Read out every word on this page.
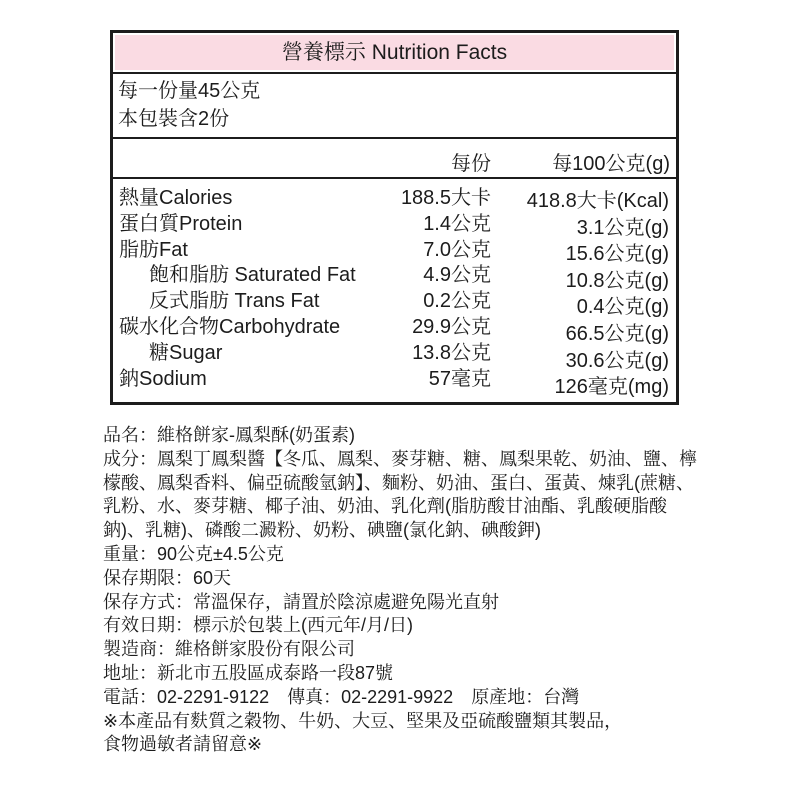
營養標示 Nutrition Facts
每一份量45公克
本包裝含2份
每份	每100公克(g)
熱量Calories
蛋白質Protein
脂肪Fat
飽和脂肪 Saturated Fat
反式脂肪 Trans Fat
碳水化合物Carbohydrate
糖Sugar
鈉Sodium
188.5大卡
1.4公克
7.0公克
4.9公克
0.2公克
29.9公克
13.8公克
57毫克
418.8大卡(Kcal)
3.1公克(g)
15.6公克(g)
10.8公克(g)
0.4公克(g)
66.5公克(g)
30.6公克(g)
126毫克(mg)
品名：維格餅家-鳳梨酥(奶蛋素)
成分：鳳梨丁鳳梨醬【冬瓜、鳳梨、麥芽糖、糖、鳳梨果乾、奶油、鹽、檸
檬酸、鳳梨香料、偏亞硫酸氫鈉】、麵粉、奶油、蛋白、蛋黃、煉乳(蔗糖、
乳粉、水、麥芽糖、椰子油、奶油、乳化劑(脂肪酸甘油酯、乳酸硬脂酸
鈉)、乳糖)、磷酸二澱粉、奶粉、碘鹽(氯化鈉、碘酸鉀)
重量：90公克±4.5公克
保存期限：60天
保存方式：常溫保存，請置於陰涼處避免陽光直射
有效日期：標示於包裝上(西元年/月/日)
製造商：維格餅家股份有限公司
地址：新北市五股區成泰路一段87號
電話：02-2291-9122　傳真：02-2291-9922　原產地：台灣
※本產品有麩質之穀物、牛奶、大豆、堅果及亞硫酸鹽類其製品，
食物過敏者請留意※
